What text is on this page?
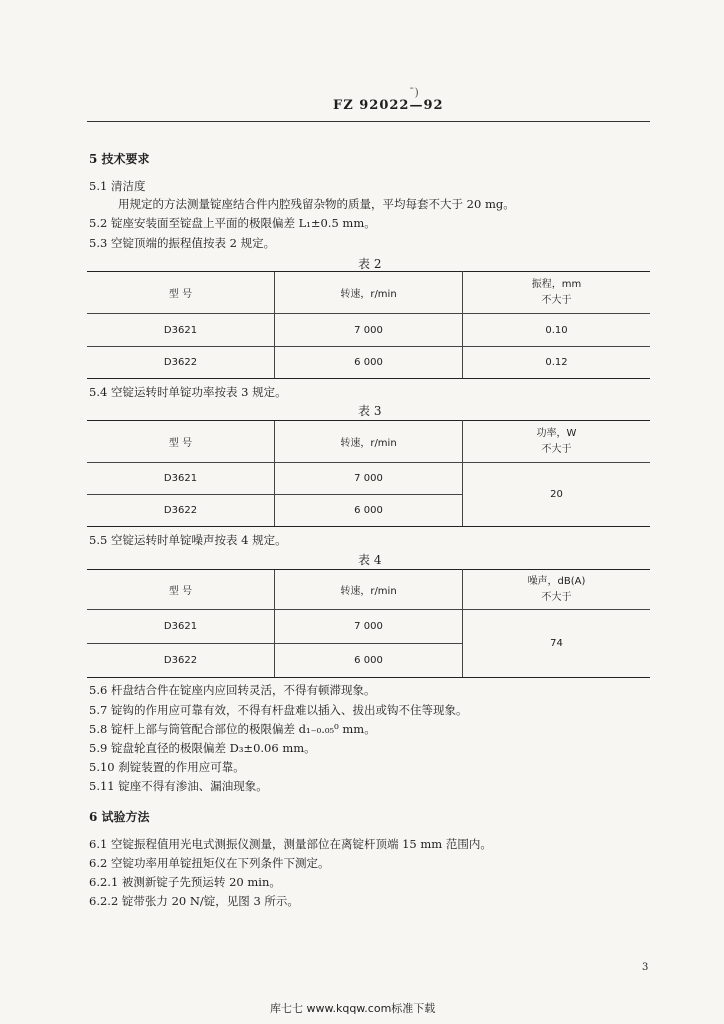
ˉ)
FZ 92022—92
5 技术要求
5.1 清洁度
用规定的方法测量锭座结合件内腔残留杂物的质量，平均每套不大于 20 mg。
5.2 锭座安装面至锭盘上平面的极限偏差 L₁±0.5 mm。
5.3 空锭顶端的振程值按表 2 规定。
表 2
型 号	转速，r/min	振程，mm
不大于

D3621	7 000	0.10
D3622	6 000	0.12
5.4 空锭运转时单锭功率按表 3 规定。
表 3
型 号	转速，r/min	功率，W
不大于

D3621	7 000	20
D3622	6 000	
5.5 空锭运转时单锭噪声按表 4 规定。
表 4
型 号	转速，r/min	噪声，dB(A)
不大于

D3621	7 000	74
D3622	6 000	
5.6 杆盘结合件在锭座内应回转灵活，不得有顿滞现象。
5.7 锭钩的作用应可靠有效，不得有杆盘难以插入、拔出或钩不住等现象。
5.8 锭杆上部与筒管配合部位的极限偏差 d₁₋₀.₀₅⁰ mm。
5.9 锭盘轮直径的极限偏差 D₃±0.06 mm。
5.10 刹锭装置的作用应可靠。
5.11 锭座不得有渗油、漏油现象。
6 试验方法
6.1 空锭振程值用光电式测振仪测量，测量部位在离锭杆顶端 15 mm 范围内。
6.2 空锭功率用单锭扭矩仪在下列条件下测定。
6.2.1 被测新锭子先预运转 20 min。
6.2.2 锭带张力 20 N/锭，见图 3 所示。
3
库七七 www.kqqw.com标准下载
